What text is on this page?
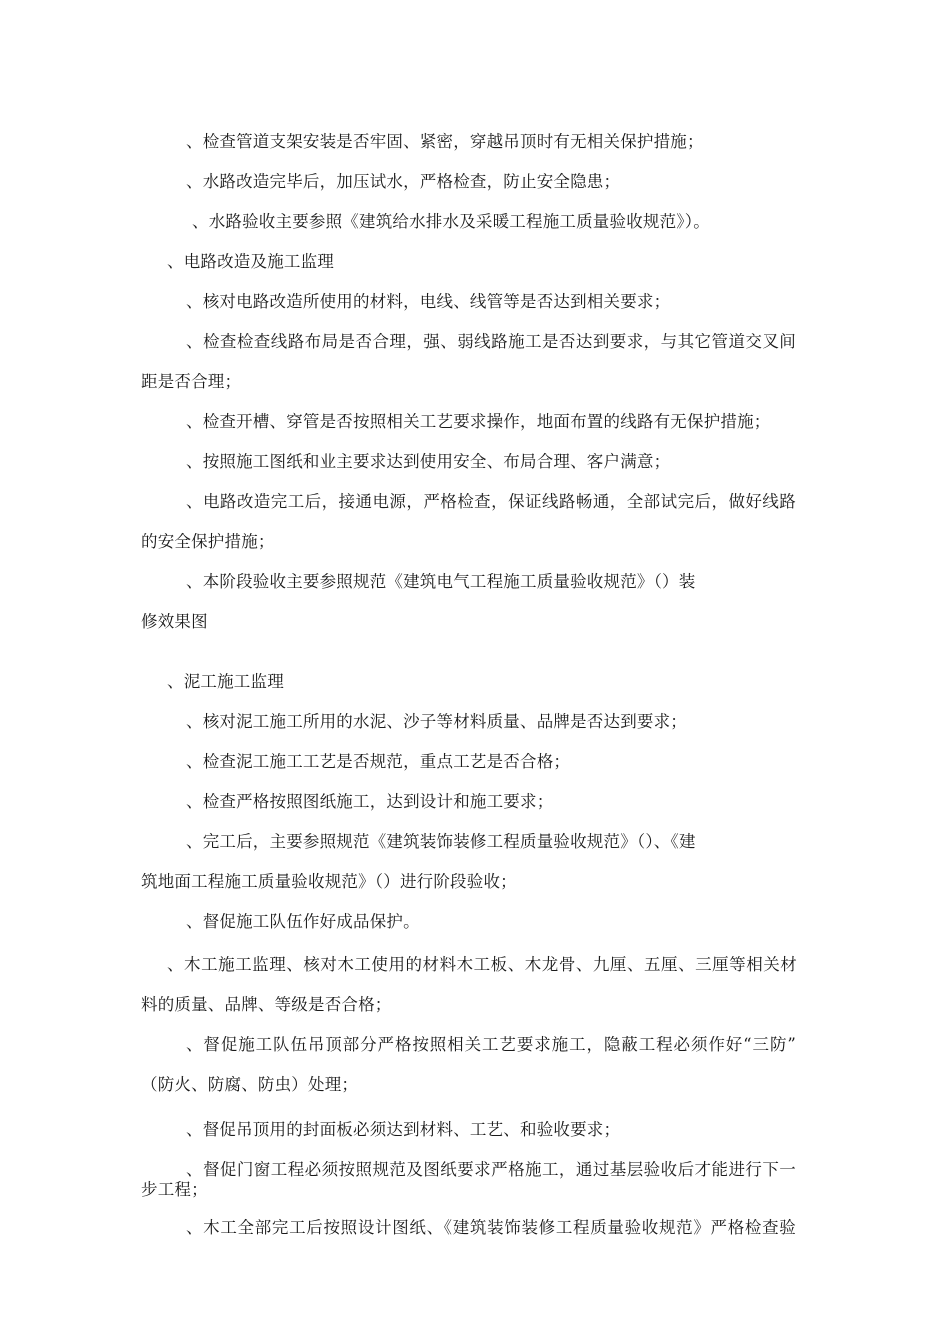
、检查管道支架安装是否牢固、紧密，穿越吊顶时有无相关保护措施；
、水路改造完毕后，加压试水，严格检查，防止安全隐患；
、水路验收主要参照《建筑给水排水及采暖工程施工质量验收规范》）。
、电路改造及施工监理
、核对电路改造所使用的材料，电线、线管等是否达到相关要求；
、检查检查线路布局是否合理，强、弱线路施工是否达到要求，与其它管道交叉间
距是否合理；
、检查开槽、穿管是否按照相关工艺要求操作，地面布置的线路有无保护措施；
、按照施工图纸和业主要求达到使用安全、布局合理、客户满意；
、电路改造完工后，接通电源，严格检查，保证线路畅通，全部试完后，做好线路
的安全保护措施；
、本阶段验收主要参照规范《建筑电气工程施工质量验收规范》（）装
修效果图
、泥工施工监理
、核对泥工施工所用的水泥、沙子等材料质量、品牌是否达到要求；
、检查泥工施工工艺是否规范，重点工艺是否合格；
、检查严格按照图纸施工，达到设计和施工要求；
、完工后，主要参照规范《建筑装饰装修工程质量验收规范》（）、《建
筑地面工程施工质量验收规范》（）进行阶段验收；
、督促施工队伍作好成品保护。
、木工施工监理、核对木工使用的材料木工板、木龙骨、九厘、五厘、三厘等相关材
料的质量、品牌、等级是否合格；
、督促施工队伍吊顶部分严格按照相关工艺要求施工，隐蔽工程必须作好“三防”
（防火、防腐、防虫）处理；
、督促吊顶用的封面板必须达到材料、工艺、和验收要求；
、督促门窗工程必须按照规范及图纸要求严格施工，通过基层验收后才能进行下一
步工程；
、木工全部完工后按照设计图纸、《建筑装饰装修工程质量验收规范》严格检查验
